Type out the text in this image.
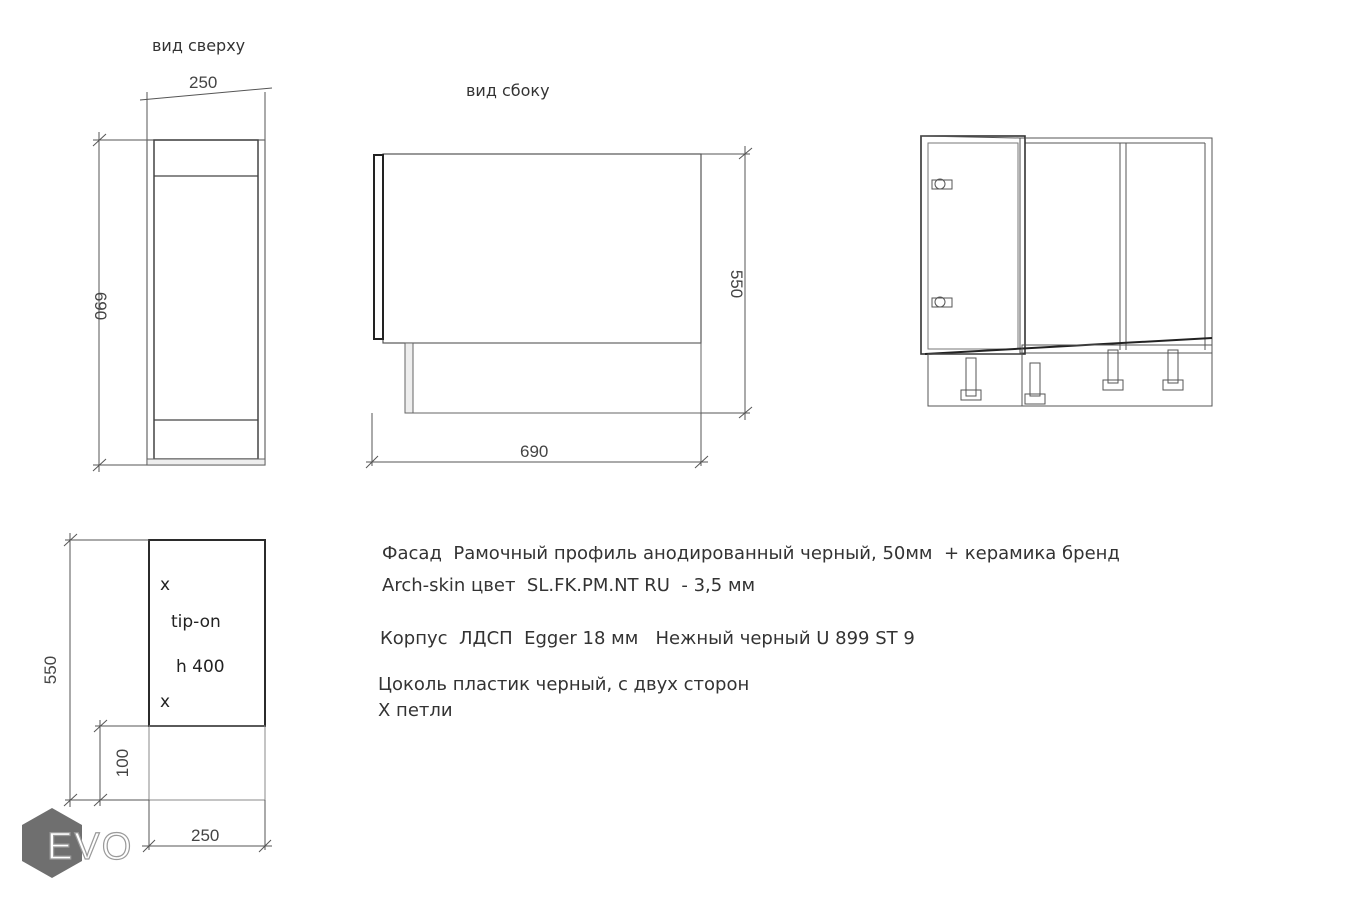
вид сверху
250
690
вид сбоку
550
690
550
100
250
x
tip-on
h 400
x
EVO
Фасад  Рамочный профиль анодированный черный, 50мм  + керамика бренд
Arch-skin цвет  SL.FK.PM.NT RU  - 3,5 мм
Корпус  ЛДСП  Egger 18 мм   Нежный черный U 899 ST 9
Цоколь пластик черный, с двух сторон
Х петли
